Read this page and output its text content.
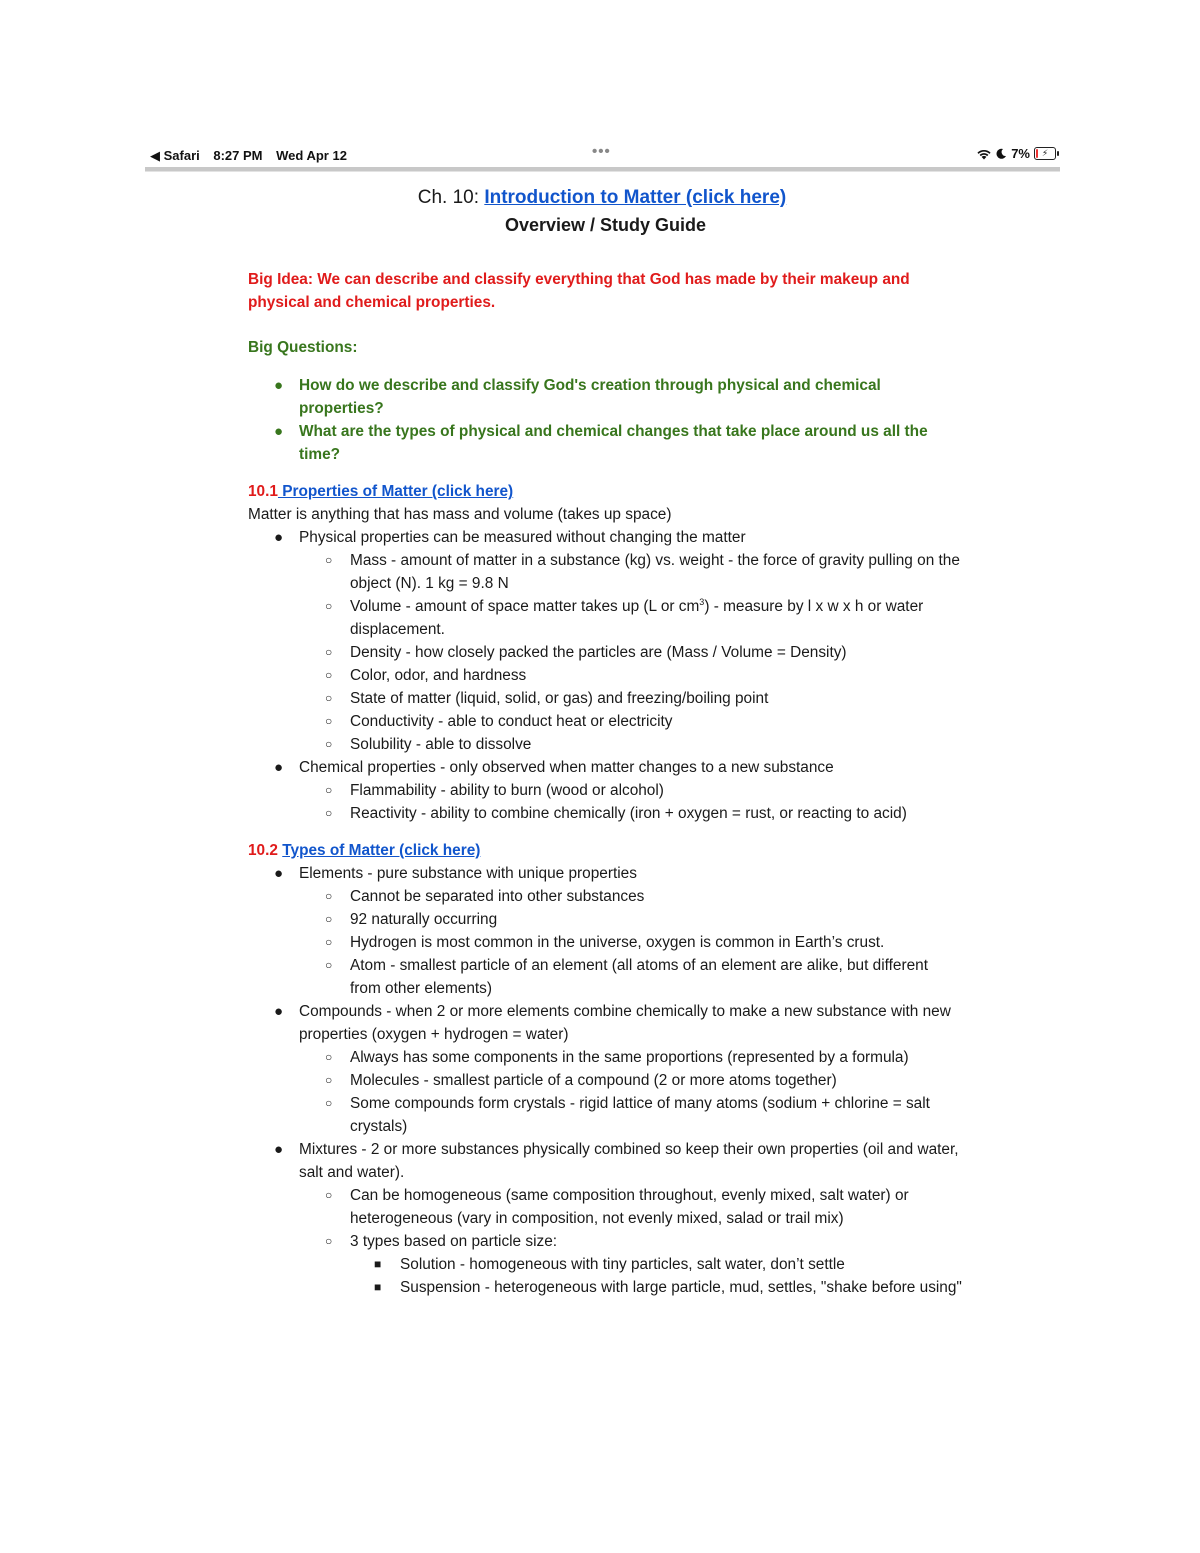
◀ Safari 8:27 PM Wed Apr 12	•••	7% ⚡
Ch. 10: Introduction to Matter (click here)
Overview / Study Guide
Big Idea: We can describe and classify everything that God has made by their makeup and physical and chemical properties.
Big Questions:
● How do we describe and classify God's creation through physical and chemical properties?
● What are the types of physical and chemical changes that take place around us all the time?
10.1 Properties of Matter (click here)
Matter is anything that has mass and volume (takes up space)
● Physical properties can be measured without changing the matter
○ Mass - amount of matter in a substance (kg) vs. weight - the force of gravity pulling on the object (N). 1 kg = 9.8 N
○ Volume - amount of space matter takes up (L or $cm^3$) - measure by l x w x h or water displacement.
○ Density - how closely packed the particles are (Mass / Volume = Density)
○ Color, odor, and hardness
○ State of matter (liquid, solid, or gas) and freezing/boiling point
○ Conductivity - able to conduct heat or electricity
○ Solubility - able to dissolve
● Chemical properties - only observed when matter changes to a new substance
○ Flammability - ability to burn (wood or alcohol)
○ Reactivity - ability to combine chemically (iron + oxygen = rust, or reacting to acid)
10.2 Types of Matter (click here)
● Elements - pure substance with unique properties
○ Cannot be separated into other substances
○ 92 naturally occurring
○ Hydrogen is most common in the universe, oxygen is common in Earth’s crust.
○ Atom - smallest particle of an element (all atoms of an element are alike, but different from other elements)
● Compounds - when 2 or more elements combine chemically to make a new substance with new properties (oxygen + hydrogen = water)
○ Always has some components in the same proportions (represented by a formula)
○ Molecules - smallest particle of a compound (2 or more atoms together)
○ Some compounds form crystals - rigid lattice of many atoms (sodium + chlorine = salt crystals)
● Mixtures - 2 or more substances physically combined so keep their own properties (oil and water, salt and water).
○ Can be homogeneous (same composition throughout, evenly mixed, salt water) or heterogeneous (vary in composition, not evenly mixed, salad or trail mix)
○ 3 types based on particle size:
■ Solution - homogeneous with tiny particles, salt water, don’t settle
■ Suspension - heterogeneous with large particle, mud, settles, "shake before using"
